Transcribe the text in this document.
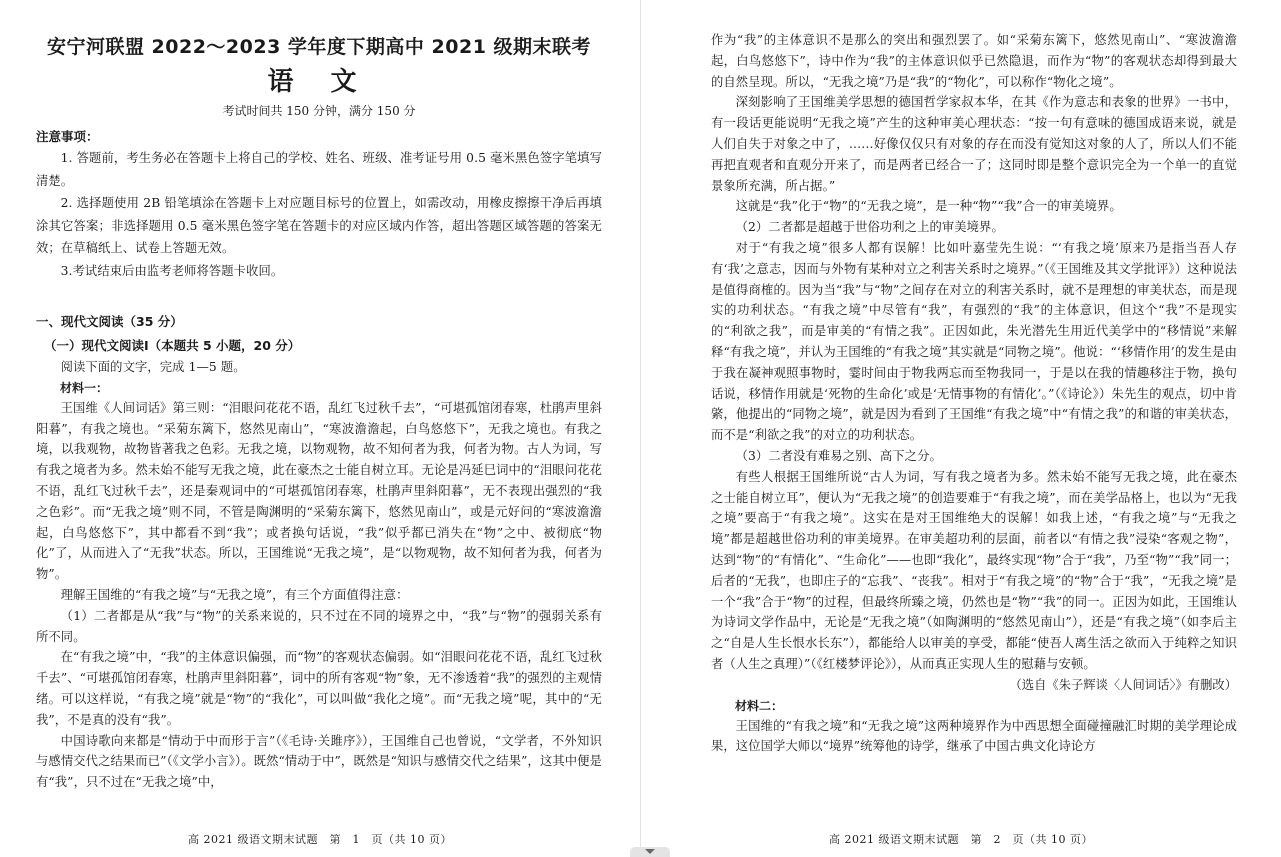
安宁河联盟 2022～2023 学年度下期高中 2021 级期末联考
语 文
考试时间共 150 分钟，满分 150 分
注意事项：

1. 答题前，考生务必在答题卡上将自己的学校、姓名、班级、准考证号用 0.5 毫米黑色签字笔填写清楚。

2. 选择题使用 2B 铅笔填涂在答题卡上对应题目标号的位置上，如需改动，用橡皮擦擦干净后再填涂其它答案；非选择题用 0.5 毫米黑色签字笔在答题卡的对应区域内作答，超出答题区域答题的答案无效；在草稿纸上、试卷上答题无效。

3.考试结束后由监考老师将答题卡收回。

一、现代文阅读（35 分）
（一）现代文阅读Ⅰ（本题共 5 小题，20 分）

阅读下面的文字，完成 1—5 题。

材料一：

王国维《人间词话》第三则：“泪眼问花花不语，乱红飞过秋千去”，“可堪孤馆闭春寒，杜鹃声里斜阳暮”，有我之境也。“采菊东篱下，悠然见南山”，“寒波澹澹起，白鸟悠悠下”，无我之境也。有我之境，以我观物，故物皆著我之色彩。无我之境，以物观物，故不知何者为我，何者为物。古人为词，写有我之境者为多。然未始不能写无我之境，此在豪杰之士能自树立耳。无论是冯延巳词中的“泪眼问花花不语，乱红飞过秋千去”，还是秦观词中的“可堪孤馆闭春寒，杜鹃声里斜阳暮”，无不表现出强烈的“我之色彩”。而“无我之境”则不同，不管是陶渊明的“采菊东篱下，悠然见南山”，或是元好问的“寒波澹澹起，白鸟悠悠下”，其中都看不到“我”；或者换句话说，“我”似乎都已消失在“物”之中、被彻底“物化”了，从而进入了“无我”状态。所以，王国维说“无我之境”，是“以物观物，故不知何者为我，何者为物”。

理解王国维的“有我之境”与“无我之境”，有三个方面值得注意：

（1）二者都是从“我”与“物”的关系来说的，只不过在不同的境界之中，“我”与“物”的强弱关系有所不同。

在“有我之境”中，“我”的主体意识偏强，而“物”的客观状态偏弱。如“泪眼问花花不语，乱红飞过秋千去”、“可堪孤馆闭春寒，杜鹃声里斜阳暮”，词中的所有客观“物”象，无不渗透着“我”的强烈的主观情绪。可以这样说，“有我之境”就是“物”的“我化”，可以叫做“我化之境”。而“无我之境”呢，其中的“无我”，不是真的没有“我”。

中国诗歌向来都是“情动于中而形于言”（《毛诗·关雎序》），王国维自己也曾说，“文学者，不外知识与感情交代之结果而已”（《文学小言》）。既然“情动于中”，既然是“知识与感情交代之结果”，这其中便是有“我”，只不过在“无我之境”中，

高 2021 级语文期末试题　第　1　页（共 10 页）

作为“我”的主体意识不是那么的突出和强烈罢了。如“采菊东篱下，悠然见南山”、“寒波澹澹起，白鸟悠悠下”，诗中作为“我”的主体意识似乎已然隐退，而作为“物”的客观状态却得到最大的自然呈现。所以，“无我之境”乃是“我”的“物化”，可以称作“物化之境”。

深刻影响了王国维美学思想的德国哲学家叔本华，在其《作为意志和表象的世界》一书中，有一段话更能说明“无我之境”产生的这种审美心理状态：“按一句有意味的德国成语来说，就是人们自失于对象之中了，……好像仅仅只有对象的存在而没有觉知这对象的人了，所以人们不能再把直观者和直观分开来了，而是两者已经合一了；这同时即是整个意识完全为一个单一的直觉景象所充满，所占据。”

这就是“我”化于“物”的“无我之境”，是一种“物”“我”合一的审美境界。

（2）二者都是超越于世俗功利之上的审美境界。

对于“有我之境”很多人都有误解！比如叶嘉莹先生说：“‘有我之境’原来乃是指当吾人存有‘我’之意志，因而与外物有某种对立之利害关系时之境界。”（《王国维及其文学批评》）这种说法是值得商榷的。因为当“我”与“物”之间存在对立的利害关系时，就不是理想的审美状态，而是现实的功利状态。“有我之境”中尽管有“我”，有强烈的“我”的主体意识，但这个“我”不是现实的“利欲之我”，而是审美的“有情之我”。正因如此，朱光潜先生用近代美学中的“移情说”来解释“有我之境”，并认为王国维的“有我之境”其实就是“同物之境”。他说：“‘移情作用’的发生是由于我在凝神观照事物时，霎时间由于物我两忘而至物我同一，于是以在我的情趣移注于物，换句话说，移情作用就是‘死物的生命化’或是‘无情事物的有情化’。”（《诗论》）朱先生的观点，切中肯綮，他提出的“同物之境”，就是因为看到了王国维“有我之境”中“有情之我”的和谐的审美状态，而不是“利欲之我”的对立的功利状态。

（3）二者没有难易之别、高下之分。

有些人根据王国维所说“古人为词，写有我之境者为多。然未始不能写无我之境，此在豪杰之士能自树立耳”，便认为“无我之境”的创造要难于“有我之境”，而在美学品格上，也以为“无我之境”要高于“有我之境”。这实在是对王国维绝大的误解！如我上述，“有我之境”与“无我之境”都是超越世俗功利的审美境界。在审美超功利的层面，前者以“有情之我”浸染“客观之物”，达到“物”的“有情化”、“生命化”——也即“我化”，最终实现“物”合于“我”，乃至“物”“我”同一；后者的“无我”，也即庄子的“忘我”、“丧我”。相对于“有我之境”的“物”合于“我”，“无我之境”是一个“我”合于“物”的过程，但最终所臻之境，仍然也是“物”“我”的同一。正因为如此，王国维认为诗词文学作品中，无论是“无我之境”（如陶渊明的“悠然见南山”），还是“有我之境”（如李后主之“自是人生长恨水长东”），都能给人以审美的享受，都能“使吾人离生活之欲而入于纯粹之知识者（人生之真理）”（《红楼梦评论》），从而真正实现人生的慰藉与安顿。

（选自《朱子辉谈〈人间词话〉》有删改）
材料二：

王国维的“有我之境”和“无我之境”这两种境界作为中西思想全面碰撞融汇时期的美学理论成果，这位国学大师以“境界”统筹他的诗学，继承了中国古典文化诗论方

高 2021 级语文期末试题　第　2　页（共 10 页）
